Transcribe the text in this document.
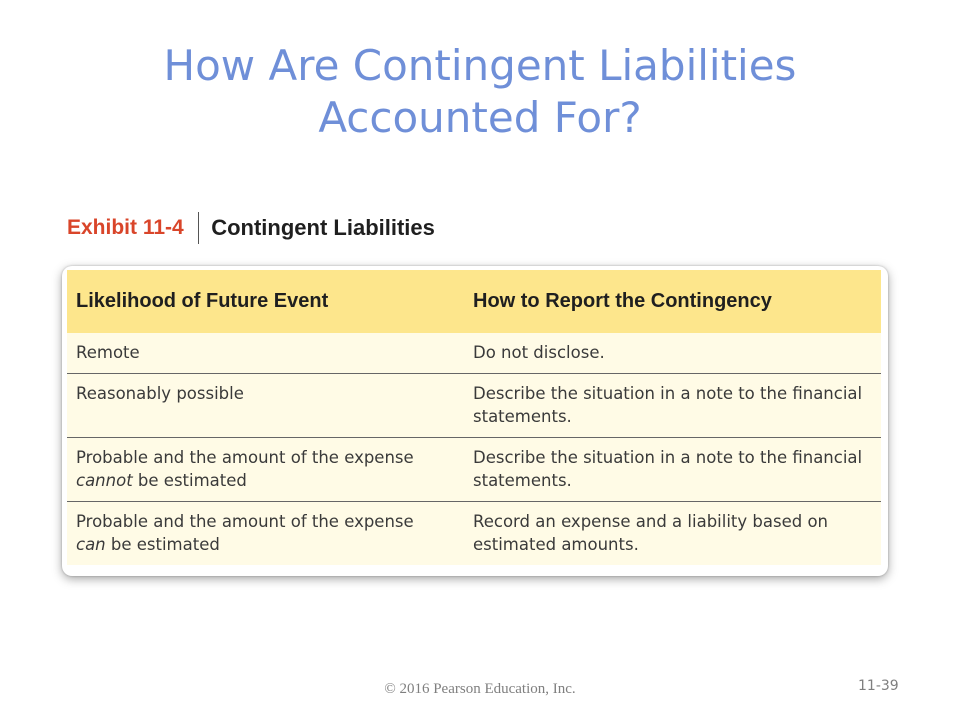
How Are Contingent Liabilities
Accounted For?
Exhibit 11-4 Contingent Liabilities
Likelihood of Future Event	How to Report the Contingency
Remote	Do not disclose.
Reasonably possible	Describe the situation in a note to the financial statements.
Probable and the amount of the expense
cannot be estimated	Describe the situation in a note to the financial statements.
Probable and the amount of the expense
can be estimated	Record an expense and a liability based on estimated amounts.
© 2016 Pearson Education, Inc.	11-39
